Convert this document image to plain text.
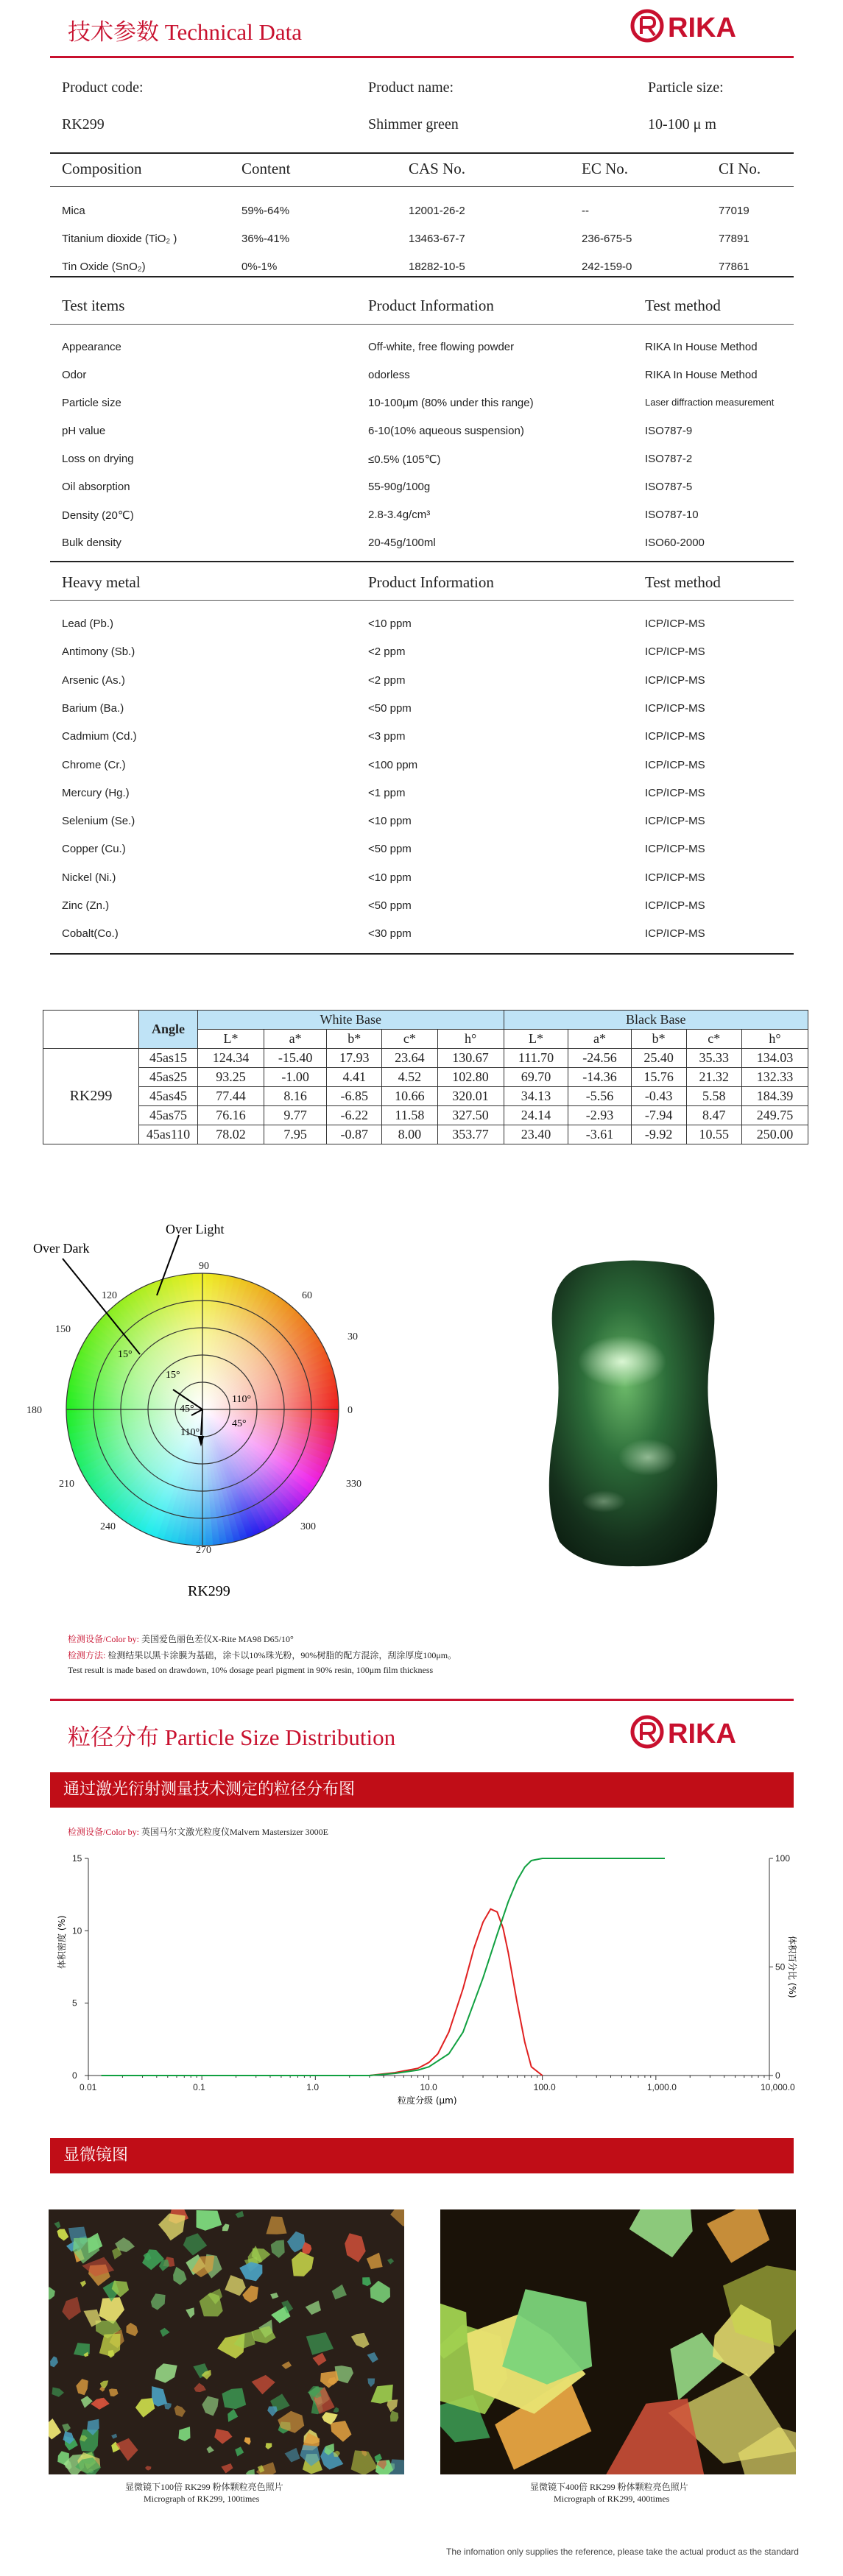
技术参数 Technical Data	RIKA
Product code:	Product name:	Particle size:
RK299	Shimmer green	10-100 μ m
Composition	Content	CAS No.	EC No.	CI No.
Mica	59%-64%	12001-26-2	--	77019
Titanium dioxide (TiO₂ )	36%-41%	13463-67-7	236-675-5	77891
Tin Oxide (SnO₂)	0%-1%	18282-10-5	242-159-0	77861
Test items	Product Information	Test method
Appearance	Off-white, free flowing powder	RIKA In House Method
Odor	odorless	RIKA In House Method
Particle size	10-100μm (80% under this range)	Laser diffraction measurement
pH value	6-10(10% aqueous suspension)	ISO787-9
Loss on drying	≤0.5% (105℃)	ISO787-2
Oil absorption	55-90g/100g	ISO787-5
Density (20℃)	2.8-3.4g/cm³	ISO787-10
Bulk density	20-45g/100ml	ISO60-2000
Heavy metal	Product Information	Test method
Lead (Pb.)	<10 ppm	ICP/ICP-MS
Antimony (Sb.)	<2 ppm	ICP/ICP-MS
Arsenic (As.)	<2 ppm	ICP/ICP-MS
Barium (Ba.)	<50 ppm	ICP/ICP-MS
Cadmium (Cd.)	<3 ppm	ICP/ICP-MS
Chrome (Cr.)	<100 ppm	ICP/ICP-MS
Mercury (Hg.)	<1 ppm	ICP/ICP-MS
Selenium (Se.)	<10 ppm	ICP/ICP-MS
Copper (Cu.)	<50 ppm	ICP/ICP-MS
Nickel (Ni.)	<10 ppm	ICP/ICP-MS
Zinc (Zn.)	<50 ppm	ICP/ICP-MS
Cobalt(Co.)	<30 ppm	ICP/ICP-MS
	Angle	White Base					Black Base				
		L*	a*	b*	c*	h°	L*	a*	b*	c*	h°
RK299	45as15	124.34	-15.40	17.93	23.64	130.67	111.70	-24.56	25.40	35.33	134.03
	45as25	93.25	-1.00	4.41	4.52	102.80	69.70	-14.36	15.76	21.32	132.33
	45as45	77.44	8.16	-6.85	10.66	320.01	34.13	-5.56	-0.43	5.58	184.39
	45as75	76.16	9.77	-6.22	11.58	327.50	24.14	-2.93	-7.94	8.47	249.75
	45as110	78.02	7.95	-0.87	8.00	353.77	23.40	-3.61	-9.92	10.55	250.00
90
60
30
0
330
300
270
240
210
180
150
120
Over Light
Over Dark
15°
15°
45°
110°
45°
110°
RK299
检测设备/Color by: 美国爱色丽色差仪X-Rite MA98 D65/10°
检测方法: 检测结果以黑卡涂膜为基础，涂卡以10%珠光粉，90%树脂的配方混涂，刮涂厚度100μm。
Test result is made based on drawdown, 10% dosage pearl pigment in 90% resin, 100μm film thickness
粒径分布 Particle Size Distribution	RIKA
通过激光衍射测量技术测定的粒径分布图
检测设备/Color by: 英国马尔文激光粒度仪Malvern Mastersizer 3000E
0.01	0.1	1.0	10.0	100.0	1,000.0	10,000.0
0
5
10
15
0
50
100
粒度分级 (μm)
体积密度 (%)	体积百分比 (%)
显微镜图
显微镜下100倍 RK299 粉体颗粒亮色照片
Micrograph of RK299, 100times
显微镜下400倍 RK299 粉体颗粒亮色照片
Micrograph of RK299, 400times
The infomation only supplies the reference, please take the actual product as the standard
